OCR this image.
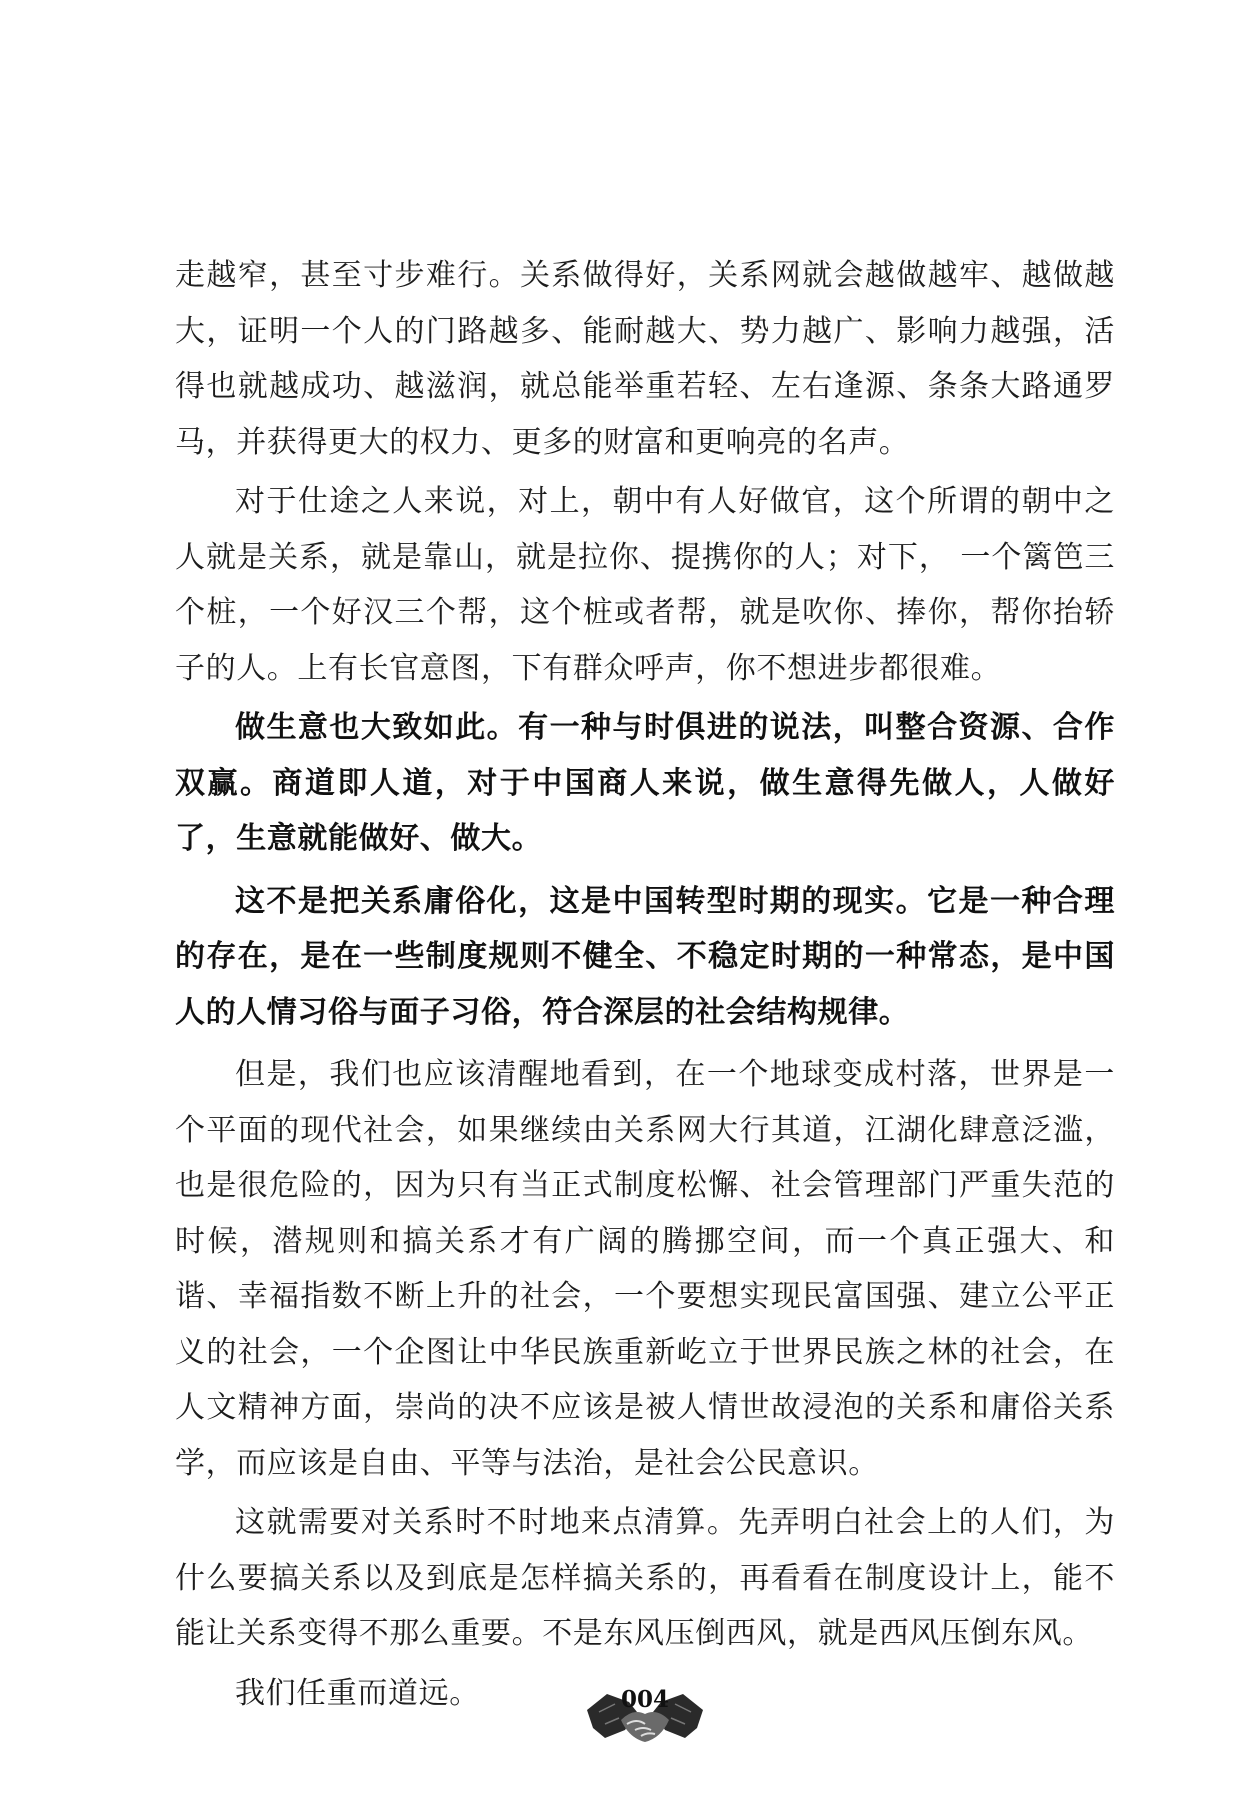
走越窄，甚至寸步难行。关系做得好，关系网就会越做越牢、越做越大，证明一个人的门路越多、能耐越大、势力越广、影响力越强，活得也就越成功、越滋润，就总能举重若轻、左右逢源、条条大路通罗马，并获得更大的权力、更多的财富和更响亮的名声。

对于仕途之人来说，对上，朝中有人好做官，这个所谓的朝中之人就是关系，就是靠山，就是拉你、提携你的人；对下， 一个篱笆三个桩，一个好汉三个帮，这个桩或者帮，就是吹你、捧你，帮你抬轿子的人。上有长官意图，下有群众呼声，你不想进步都很难。

做生意也大致如此。有一种与时俱进的说法，叫整合资源、合作双赢。商道即人道，对于中国商人来说，做生意得先做人，人做好了，生意就能做好、做大。

这不是把关系庸俗化，这是中国转型时期的现实。它是一种合理的存在，是在一些制度规则不健全、不稳定时期的一种常态，是中国人的人情习俗与面子习俗，符合深层的社会结构规律。

但是，我们也应该清醒地看到，在一个地球变成村落，世界是一个平面的现代社会，如果继续由关系网大行其道，江湖化肆意泛滥，也是很危险的，因为只有当正式制度松懈、社会管理部门严重失范的时候，潜规则和搞关系才有广阔的腾挪空间，而一个真正强大、和谐、幸福指数不断上升的社会，一个要想实现民富国强、建立公平正义的社会，一个企图让中华民族重新屹立于世界民族之林的社会，在人文精神方面，崇尚的决不应该是被人情世故浸泡的关系和庸俗关系学，而应该是自由、平等与法治，是社会公民意识。

这就需要对关系时不时地来点清算。先弄明白社会上的人们，为什么要搞关系以及到底是怎样搞关系的，再看看在制度设计上，能不能让关系变得不那么重要。不是东风压倒西风，就是西风压倒东风。

我们任重而道远。	004
